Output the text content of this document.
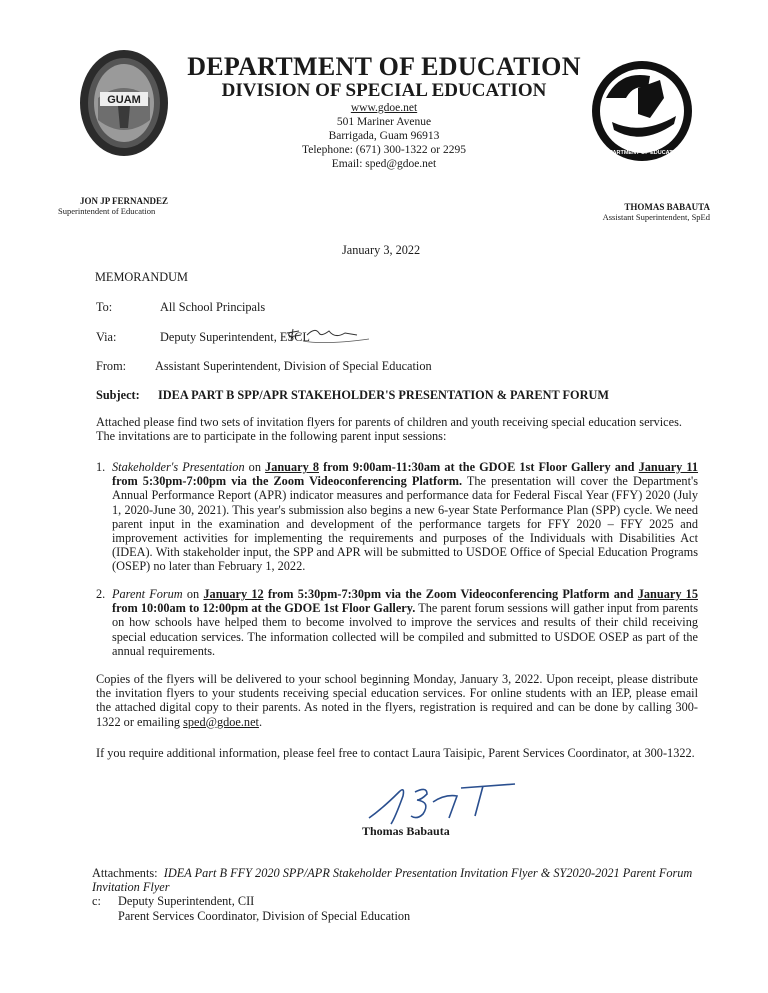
GUAM
DEPARTMENT OF EDUCATION
DEPARTMENT OF EDUCATION
DIVISION OF SPECIAL EDUCATION
www.gdoe.net
501 Mariner Avenue
Barrigada, Guam 96913
Telephone: (671) 300-1322 or 2295
Email: sped@gdoe.net
JON JP FERNANDEZ
Superintendent of Education	THOMAS BABAUTA
Assistant Superintendent, SpEd
January 3, 2022
MEMORANDUM
To:	All School Principals
Via:	Deputy Superintendent, ESCL
From: Assistant Superintendent, Division of Special Education
Subject: IDEA PART B SPP/APR STAKEHOLDER'S PRESENTATION & PARENT FORUM
Attached please find two sets of invitation flyers for parents of children and youth receiving special education services. The invitations are to participate in the following parent input sessions:
1. Stakeholder's Presentation on January 8 from 9:00am-11:30am at the GDOE 1st Floor Gallery and January 11 from 5:30pm-7:00pm via the Zoom Videoconferencing Platform. The presentation will cover the Department's Annual Performance Report (APR) indicator measures and performance data for Federal Fiscal Year (FFY) 2020 (July 1, 2020-June 30, 2021). This year's submission also begins a new 6-year State Performance Plan (SPP) cycle. We need parent input in the examination and development of the performance targets for FFY 2020 – FFY 2025 and improvement activities for implementing the requirements and purposes of the Individuals with Disabilities Act (IDEA). With stakeholder input, the SPP and APR will be submitted to USDOE Office of Special Education Programs (OSEP) no later than February 1, 2022.
2. Parent Forum on January 12 from 5:30pm-7:30pm via the Zoom Videoconferencing Platform and January 15 from 10:00am to 12:00pm at the GDOE 1st Floor Gallery. The parent forum sessions will gather input from parents on how schools have helped them to become involved to improve the services and results of their child receiving special education services. The information collected will be compiled and submitted to USDOE OSEP as part of the annual requirements.
Copies of the flyers will be delivered to your school beginning Monday, January 3, 2022. Upon receipt, please distribute the invitation flyers to your students receiving special education services. For online students with an IEP, please email the attached digital copy to their parents. As noted in the flyers, registration is required and can be done by calling 300-1322 or emailing sped@gdoe.net.
If you require additional information, please feel free to contact Laura Taisipic, Parent Services Coordinator, at 300-1322.
Thomas Babauta
Attachments: IDEA Part B FFY 2020 SPP/APR Stakeholder Presentation Invitation Flyer & SY2020-2021 Parent Forum Invitation Flyer
c: Deputy Superintendent, CII
Parent Services Coordinator, Division of Special Education
